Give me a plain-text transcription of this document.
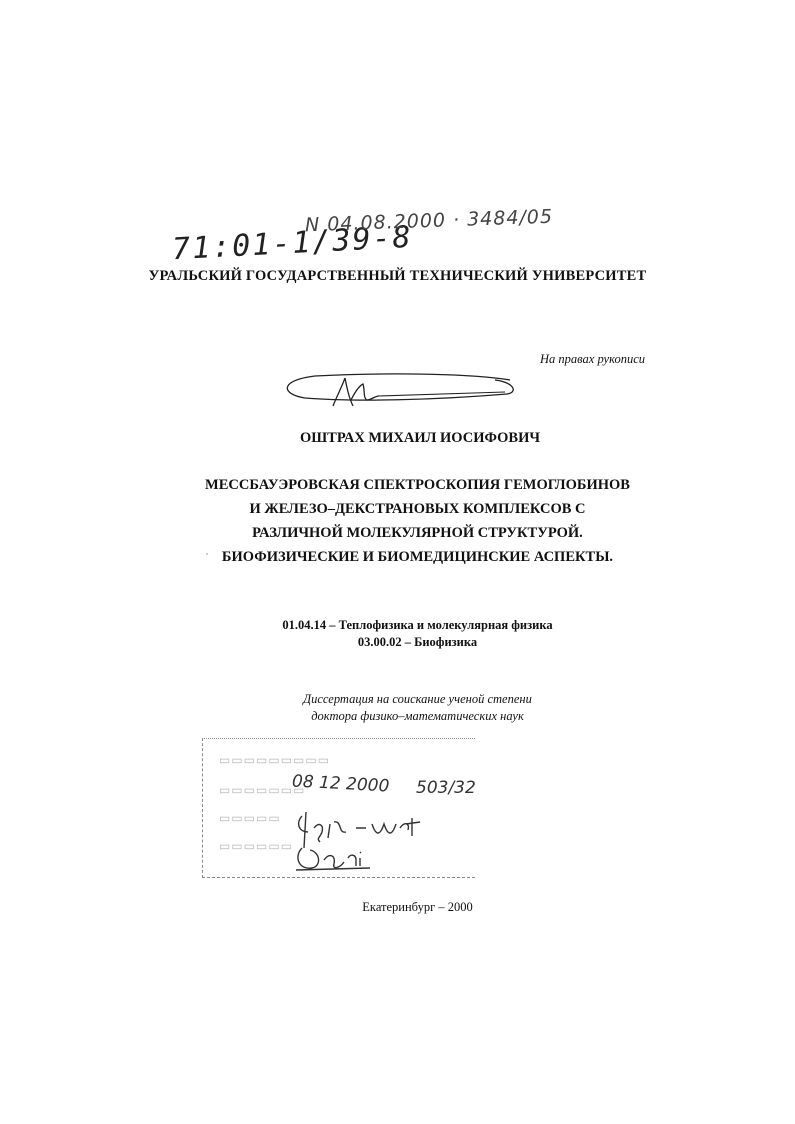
71:01-1/39-8
N 04.08.2000 · 3484/05
УРАЛЬСКИЙ ГОСУДАРСТВЕННЫЙ ТЕХНИЧЕСКИЙ УНИВЕРСИТЕТ
На правах рукописи
ОШТРАХ МИХАИЛ ИОСИФОВИЧ
МЕССБАУЭРОВСКАЯ СПЕКТРОСКОПИЯ ГЕМОГЛОБИНОВ
И ЖЕЛЕЗО–ДЕКСТРАНОВЫХ КОМПЛЕКСОВ С
РАЗЛИЧНОЙ МОЛЕКУЛЯРНОЙ СТРУКТУРОЙ.
БИОФИЗИЧЕСКИЕ И БИОМЕДИЦИНСКИЕ АСПЕКТЫ.
01.04.14 – Теплофизика и молекулярная физика
03.00.02 – Биофизика
Диссертация на соискание ученой степени
доктора физико–математических наук
▭▭▭▭▭▭▭▭▭
▭▭▭▭▭▭▭
▭▭▭▭▭
▭▭▭▭▭▭
08 12 2000 503/32
Екатеринбург – 2000
